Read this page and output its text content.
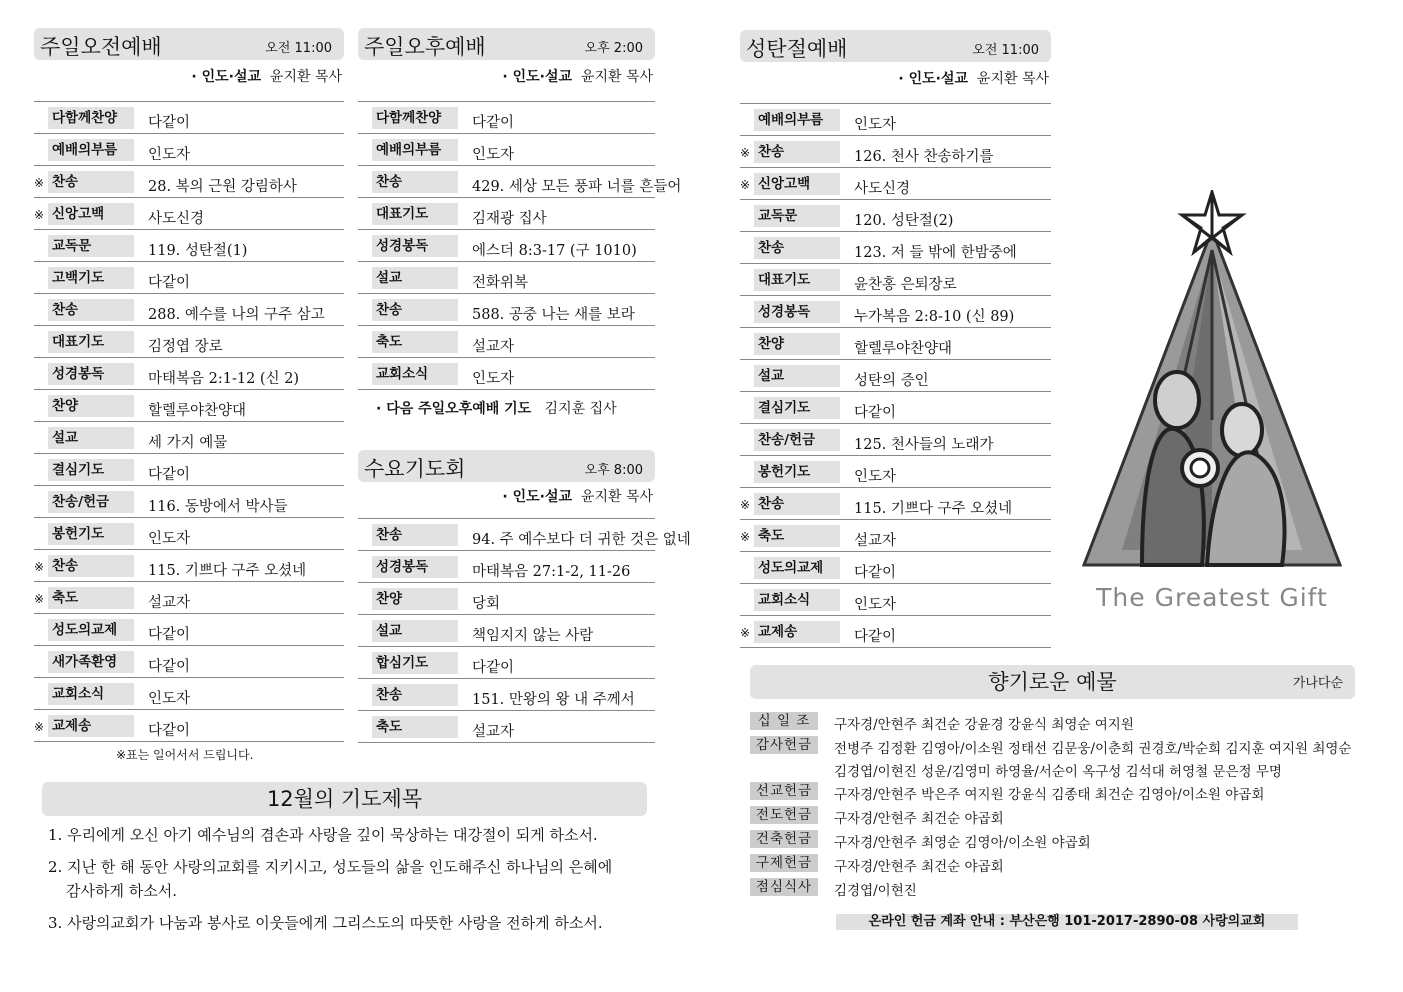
주일오전예배	오전 11:00
· 인도·설교 윤지환 목사
다함께찬양	다같이
예배의부름	인도자
※ 찬송	28. 복의 근원 강림하사
※ 신앙고백	사도신경
교독문	119. 성탄절(1)
고백기도	다같이
찬송	288. 예수를 나의 구주 삼고
대표기도	김정엽 장로
성경봉독	마태복음 2:1-12 (신 2)
찬양	할렐루야찬양대
설교	세 가지 예물
결심기도	다같이
찬송/헌금	116. 동방에서 박사들
봉헌기도	인도자
※ 찬송	115. 기쁘다 구주 오셨네
※ 축도	설교자
성도의교제	다같이
새가족환영	다같이
교회소식	인도자
※ 교제송	다같이
※표는 일어서서 드립니다.
주일오후예배	오후 2:00
· 인도·설교 윤지환 목사
다함께찬양	다같이
예배의부름	인도자
찬송	429. 세상 모든 풍파 너를 흔들어
대표기도	김재광 집사
성경봉독	에스더 8:3-17 (구 1010)
설교	전화위복
찬송	588. 공중 나는 새를 보라
축도	설교자
교회소식	인도자
· 다음 주일오후예배 기도 김지훈 집사
수요기도회	오후 8:00
· 인도·설교 윤지환 목사
찬송	94. 주 예수보다 더 귀한 것은 없네
성경봉독	마태복음 27:1-2, 11-26
찬양	당회
설교	책임지지 않는 사람
합심기도	다같이
찬송	151. 만왕의 왕 내 주께서
축도	설교자
성탄절예배	오전 11:00
· 인도·설교 윤지환 목사
예배의부름	인도자
※ 찬송	126. 천사 찬송하기를
※ 신앙고백	사도신경
교독문	120. 성탄절(2)
찬송	123. 저 들 밖에 한밤중에
대표기도	윤찬홍 은퇴장로
성경봉독	누가복음 2:8-10 (신 89)
찬양	할렐루야찬양대
설교	성탄의 증인
결심기도	다같이
찬송/헌금	125. 천사들의 노래가
봉헌기도	인도자
※ 찬송	115. 기쁘다 구주 오셨네
※ 축도	설교자
성도의교제	다같이
교회소식	인도자
※ 교제송	다같이
The Greatest Gift
12월의 기도제목
1. 우리에게 오신 아기 예수님의 겸손과 사랑을 깊이 묵상하는 대강절이 되게 하소서.
2. 지난 한 해 동안 사랑의교회를 지키시고, 성도들의 삶을 인도해주신 하나님의 은혜에
감사하게 하소서.
3. 사랑의교회가 나눔과 봉사로 이웃들에게 그리스도의 따뜻한 사랑을 전하게 하소서.
향기로운 예물	가나다순
십 일 조	구자경/안현주 최건순 강윤경 강윤식 최영순 여지원
감사헌금	전병주 김정환 김영아/이소원 정태선 김문웅/이춘희 권경호/박순희 김지훈 여지원 최영순
김경엽/이현진 성운/김영미 하영율/서순이 옥구성 김석대 허영철 문은정 무명
선교헌금	구자경/안현주 박은주 여지원 강윤식 김종태 최건순 김영아/이소원 야곱회
전도헌금	구자경/안현주 최건순 야곱회
건축헌금	구자경/안현주 최영순 김영아/이소원 야곱회
구제헌금	구자경/안현주 최건순 야곱회
점심식사	김경엽/이현진
온라인 헌금 계좌 안내 : 부산은행 101-2017-2890-08 사랑의교회
